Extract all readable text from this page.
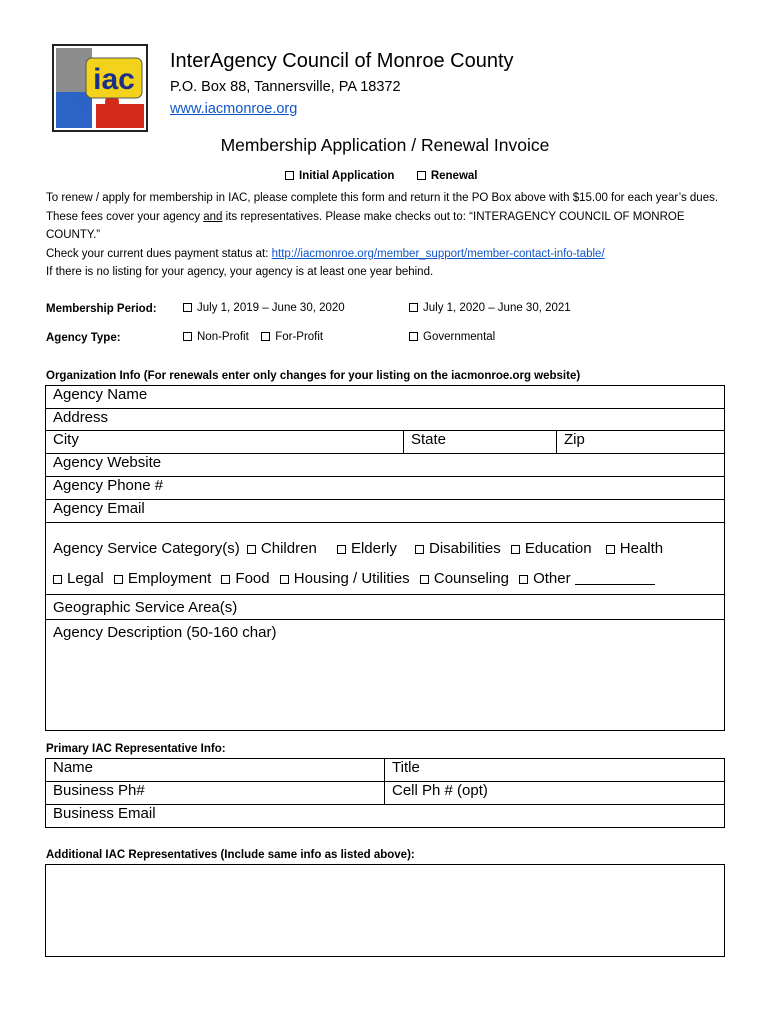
iac
InterAgency Council of Monroe County
P.O. Box 88, Tannersville, PA 18372
www.iacmonroe.org
Membership Application / Renewal Invoice
Initial Application	Renewal
To renew / apply for membership in IAC, please complete this form and return it the PO Box above with $15.00 for each year’s dues. These fees cover your agency and its representatives. Please make checks out to: “INTERAGENCY COUNCIL OF MONROE COUNTY.”
Check your current dues payment status at: http://iacmonroe.org/member_support/member-contact-info-table/
If there is no listing for your agency, your agency is at least one year behind.
Membership Period:	July 1, 2019 – June 30, 2020	July 1, 2020 – June 30, 2021
Agency Type:	Non-Profit For-Profit	Governmental
Organization Info (For renewals enter only changes for your listing on the iacmonroe.org website)
Agency Name
Address
City	State	Zip
Agency Website
Agency Phone #
Agency Email
Agency Service Category(s) Children Elderly Disabilities Education Health
Legal Employment Food Housing / Utilities Counseling Other
Geographic Service Area(s)
Agency Description (50-160 char)
Primary IAC Representative Info:
Name	Title
Business Ph#	Cell Ph # (opt)
Business Email	
Additional IAC Representatives (Include same info as listed above):
